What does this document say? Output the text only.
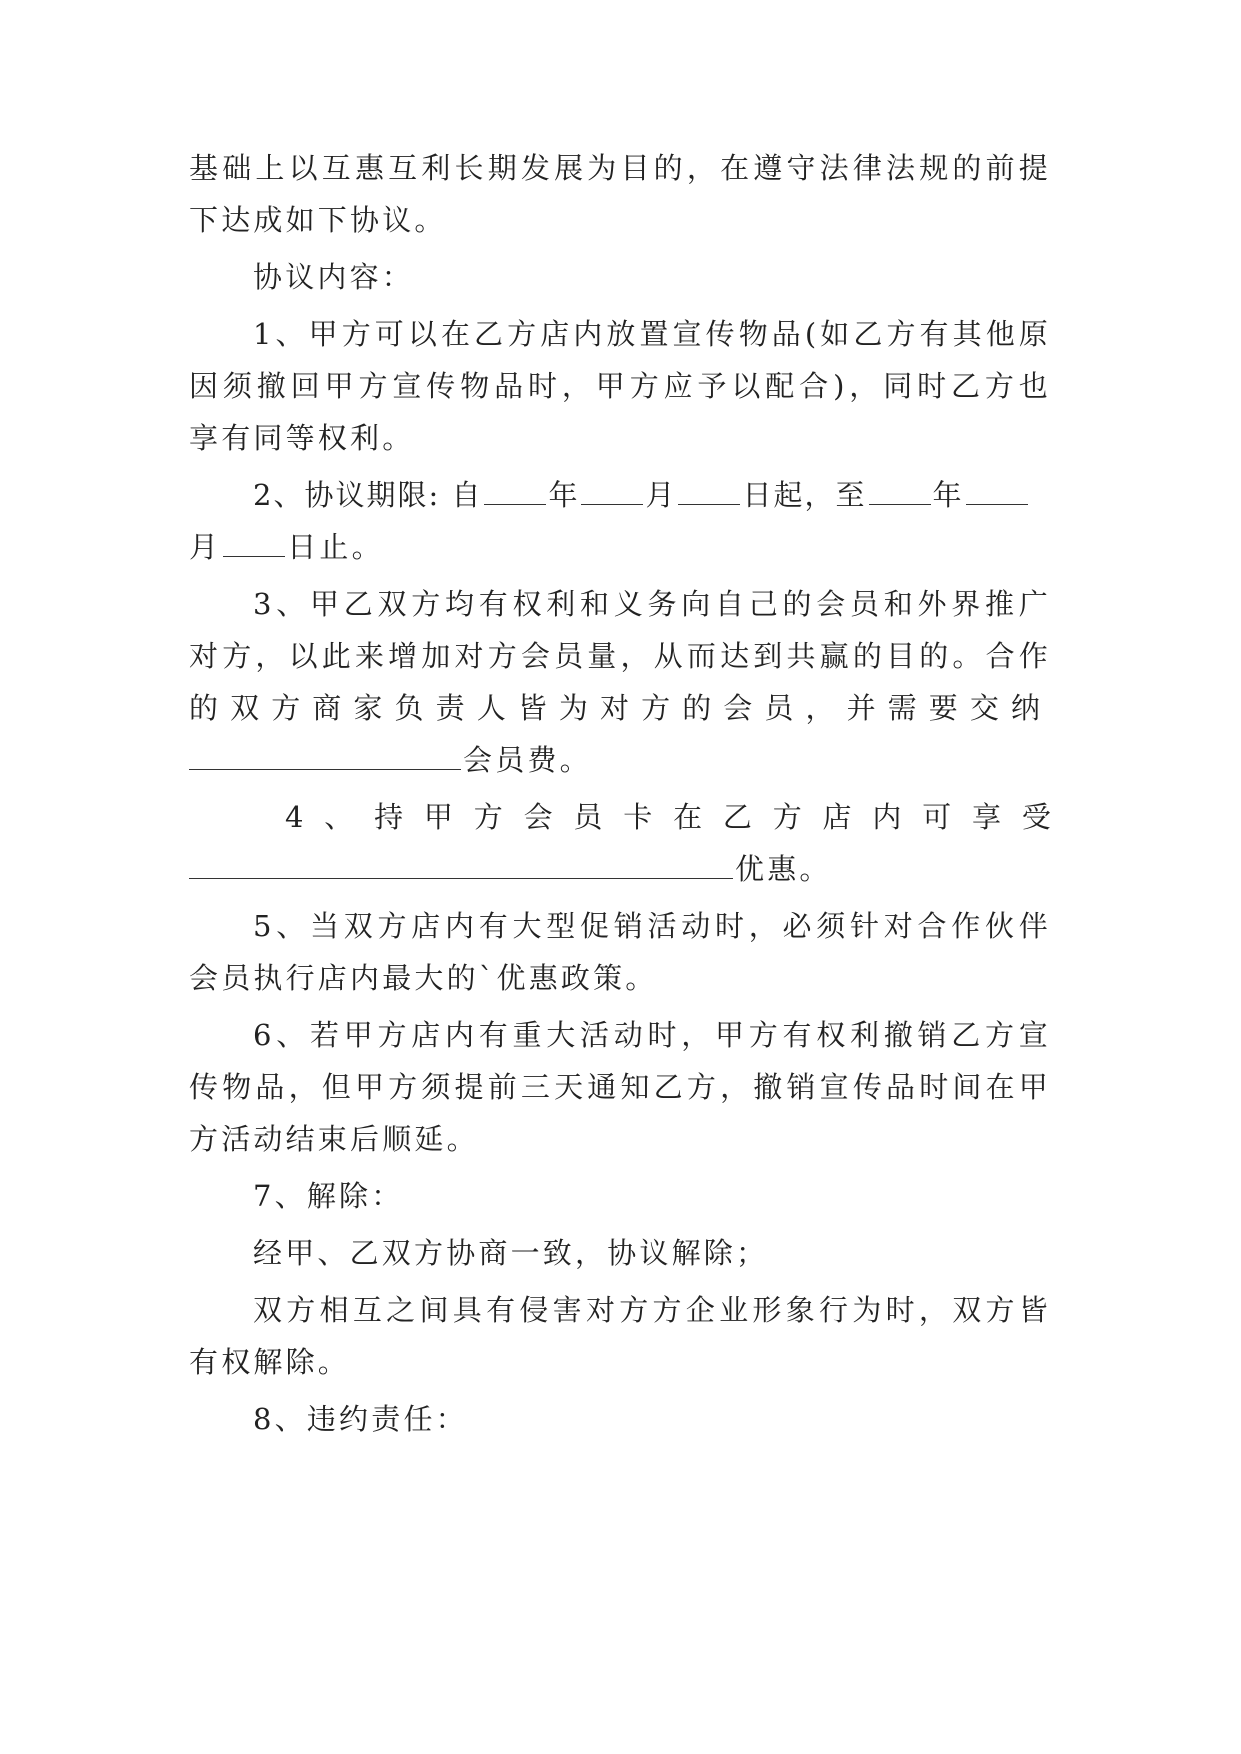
基础上以互惠互利长期发展为目的，在遵守法律法规的前提
下达成如下协议。
协议内容：
1、甲方可以在乙方店内放置宣传物品(如乙方有其他原
因须撤回甲方宣传物品时，甲方应予以配合)，同时乙方也
享有同等权利。
2、协议期限: 自 年 月 日起，至 年
月 日止。
3、甲乙双方均有权利和义务向自己的会员和外界推广
对方，以此来增加对方会员量，从而达到共赢的目的。合作
的双方商家负责人皆为对方的会员，并需要交纳
会员费。
4 、 持 甲 方 会 员 卡 在 乙 方 店 内 可 享 受
优惠。
5、当双方店内有大型促销活动时，必须针对合作伙伴
会员执行店内最大的`优惠政策。
6、若甲方店内有重大活动时，甲方有权利撤销乙方宣
传物品，但甲方须提前三天通知乙方，撤销宣传品时间在甲
方活动结束后顺延。
7、解除：
经甲、乙双方协商一致，协议解除；
双方相互之间具有侵害对方方企业形象行为时，双方皆
有权解除。
8、违约责任：
